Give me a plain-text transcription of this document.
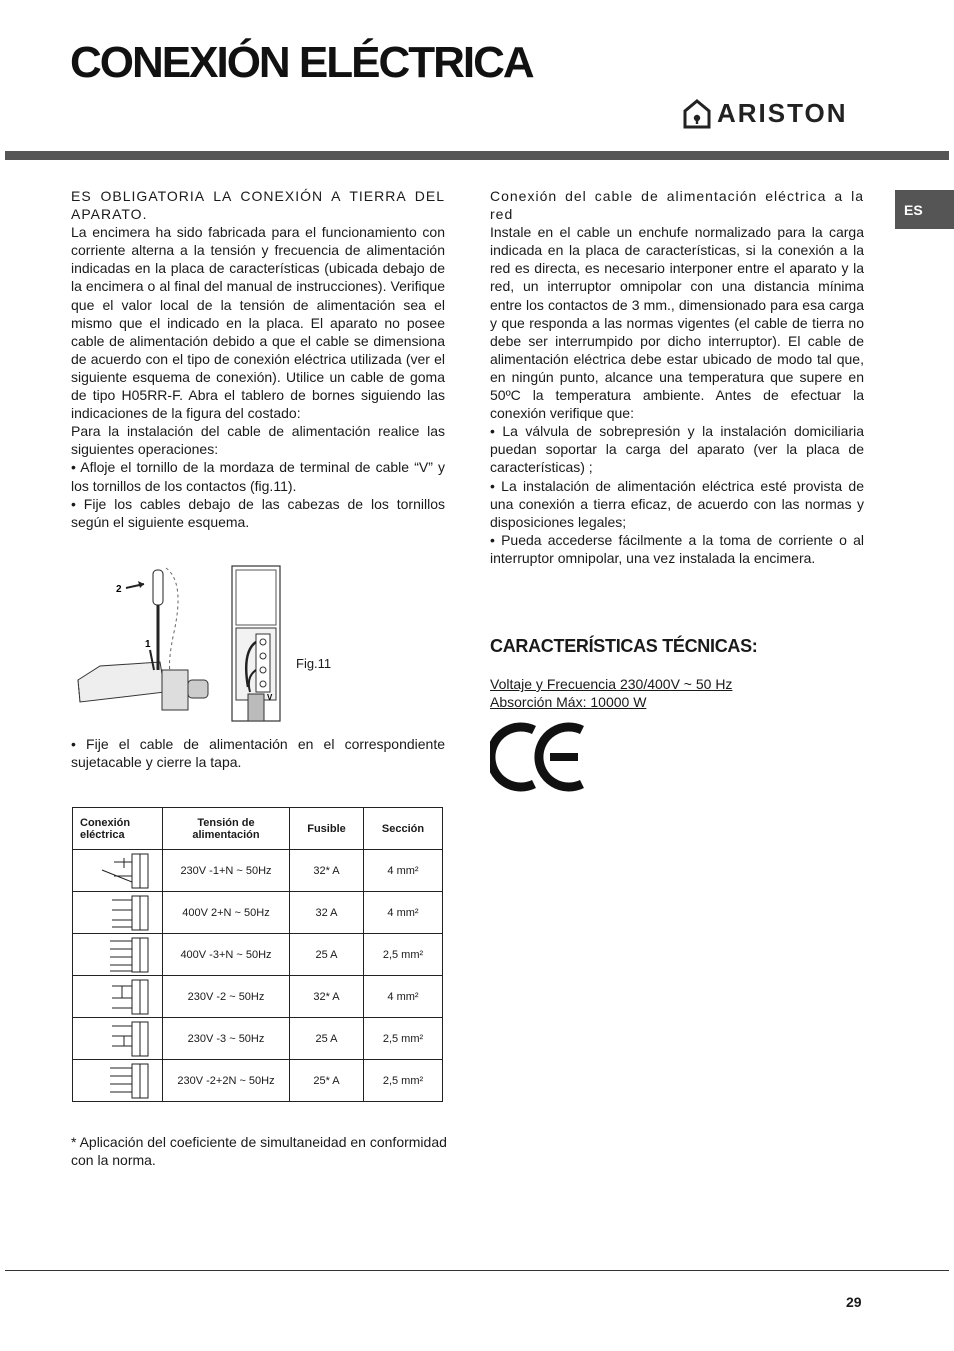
CONEXIÓN ELÉCTRICA
ARISTON
ES

ES OBLIGATORIA LA CONEXIÓN A TIERRA DEL APARATO.

La encimera ha sido fabricada para el funcionamiento con corriente alterna a la tensión y frecuencia de alimentación indicadas en la placa de características (ubicada debajo de la encimera o al final del manual de instrucciones). Verifique que el valor local de la tensión de alimentación sea el mismo que el indicado en la placa. El aparato no posee cable de alimentación debido a que el cable se dimensiona de acuerdo con el tipo de conexión eléctrica utilizada (ver el siguiente esquema de conexión). Utilice un cable de goma de tipo H05RR-F. Abra el tablero de bornes siguiendo las indicaciones de la figura del costado:

Para la instalación del cable de alimentación realice las siguientes operaciones:

• Afloje el tornillo de la mordaza de terminal de cable “V” y los tornillos de los contactos (fig.11).

• Fije los cables debajo de las cabezas de los tornillos según el siguiente esquema.

2
1
V
Fig.11

• Fije el cable de alimentación en el correspondiente sujetacable y cierre la tapa.

Conexión eléctrica	Tensión de alimentación	Fusible	Sección

	230V -1+N ~ 50Hz	32* A	4 mm²

	400V 2+N ~ 50Hz	32 A	4 mm²

	400V -3+N ~ 50Hz	25 A	2,5 mm²

	230V -2 ~ 50Hz	32* A	4 mm²

	230V -3 ~ 50Hz	25 A	2,5 mm²

	230V -2+2N ~ 50Hz	25* A	2,5 mm²

* Aplicación del coeficiente de simultaneidad en conformidad con la norma.

Conexión del cable de alimentación eléctrica a la red

Instale en el cable un enchufe normalizado para la carga indicada en la placa de características, si la conexión a la red es directa, es necesario interponer entre el aparato y la red, un interruptor omnipolar con una distancia mínima entre los contactos de 3 mm., dimensionado para esa carga y que responda a las normas vigentes (el cable de tierra no debe ser interrumpido por dicho interruptor). El cable de alimentación eléctrica debe estar ubicado de modo tal que, en ningún punto, alcance una temperatura que supere en 50ºC la temperatura ambiente. Antes de efectuar la conexión verifique que:

• La válvula de sobrepresión y la instalación domiciliaria puedan soportar la carga del aparato (ver la placa de características) ;

• La instalación de alimentación eléctrica esté provista de una conexión a tierra eficaz, de acuerdo con las normas y disposiciones legales;

• Pueda accederse fácilmente a la toma de corriente o al interruptor omnipolar, una vez instalada la encimera.

CARACTERÍSTICAS TÉCNICAS:

Voltaje y Frecuencia 230/400V ~ 50 Hz

Absorción Máx: 10000 W

29
